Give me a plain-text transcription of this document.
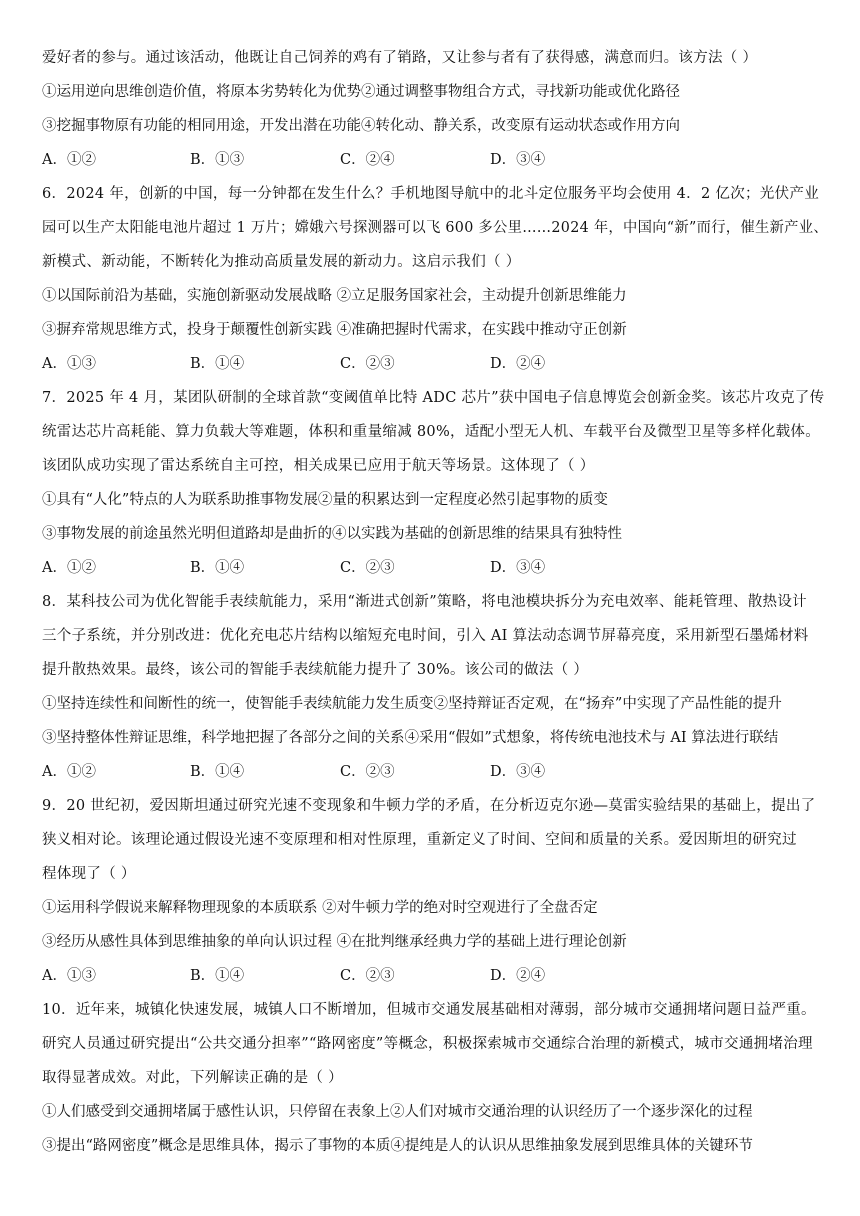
爱好者的参与。通过该活动，他既让自己饲养的鸡有了销路，又让参与者有了获得感，满意而归。该方法（ ）
①运用逆向思维创造价值，将原本劣势转化为优势②通过调整事物组合方式，寻找新功能或优化路径
③挖掘事物原有功能的相同用途，开发出潜在功能④转化动、静关系，改变原有运动状态或作用方向
A．①②	B．①③	C．②④	D．③④
6．2024 年，创新的中国，每一分钟都在发生什么？手机地图导航中的北斗定位服务平均会使用 4．2 亿次；光伏产业
园可以生产太阳能电池片超过 1 万片；嫦娥六号探测器可以飞 600 多公里……2024 年，中国向“新”而行，催生新产业、
新模式、新动能，不断转化为推动高质量发展的新动力。这启示我们（ ）
①以国际前沿为基础，实施创新驱动发展战略 ②立足服务国家社会，主动提升创新思维能力
③摒弃常规思维方式，投身于颠覆性创新实践 ④准确把握时代需求，在实践中推动守正创新
A．①③	B．①④	C．②③	D．②④
7．2025 年 4 月，某团队研制的全球首款“变阈值单比特 ADC 芯片”获中国电子信息博览会创新金奖。该芯片攻克了传
统雷达芯片高耗能、算力负载大等难题，体积和重量缩减 80%，适配小型无人机、车载平台及微型卫星等多样化载体。
该团队成功实现了雷达系统自主可控，相关成果已应用于航天等场景。这体现了（ ）
①具有“人化”特点的人为联系助推事物发展②量的积累达到一定程度必然引起事物的质变
③事物发展的前途虽然光明但道路却是曲折的④以实践为基础的创新思维的结果具有独特性
A．①②	B．①④	C．②③	D．③④
8．某科技公司为优化智能手表续航能力，采用“渐进式创新”策略，将电池模块拆分为充电效率、能耗管理、散热设计
三个子系统，并分别改进：优化充电芯片结构以缩短充电时间，引入 AI 算法动态调节屏幕亮度，采用新型石墨烯材料
提升散热效果。最终，该公司的智能手表续航能力提升了 30%。该公司的做法（ ）
①坚持连续性和间断性的统一，使智能手表续航能力发生质变②坚持辩证否定观，在“扬弃”中实现了产品性能的提升
③坚持整体性辩证思维，科学地把握了各部分之间的关系④采用“假如”式想象，将传统电池技术与 AI 算法进行联结
A．①②	B．①④	C．②③	D．③④
9．20 世纪初，爱因斯坦通过研究光速不变现象和牛顿力学的矛盾，在分析迈克尔逊—莫雷实验结果的基础上，提出了
狭义相对论。该理论通过假设光速不变原理和相对性原理，重新定义了时间、空间和质量的关系。爱因斯坦的研究过
程体现了（ ）
①运用科学假说来解释物理现象的本质联系 ②对牛顿力学的绝对时空观进行了全盘否定
③经历从感性具体到思维抽象的单向认识过程 ④在批判继承经典力学的基础上进行理论创新
A．①③	B．①④	C．②③	D．②④
10．近年来，城镇化快速发展，城镇人口不断增加，但城市交通发展基础相对薄弱，部分城市交通拥堵问题日益严重。
研究人员通过研究提出“公共交通分担率”“路网密度”等概念，积极探索城市交通综合治理的新模式，城市交通拥堵治理
取得显著成效。对此，下列解读正确的是（ ）
①人们感受到交通拥堵属于感性认识，只停留在表象上②人们对城市交通治理的认识经历了一个逐步深化的过程
③提出“路网密度”概念是思维具体，揭示了事物的本质④提纯是人的认识从思维抽象发展到思维具体的关键环节
